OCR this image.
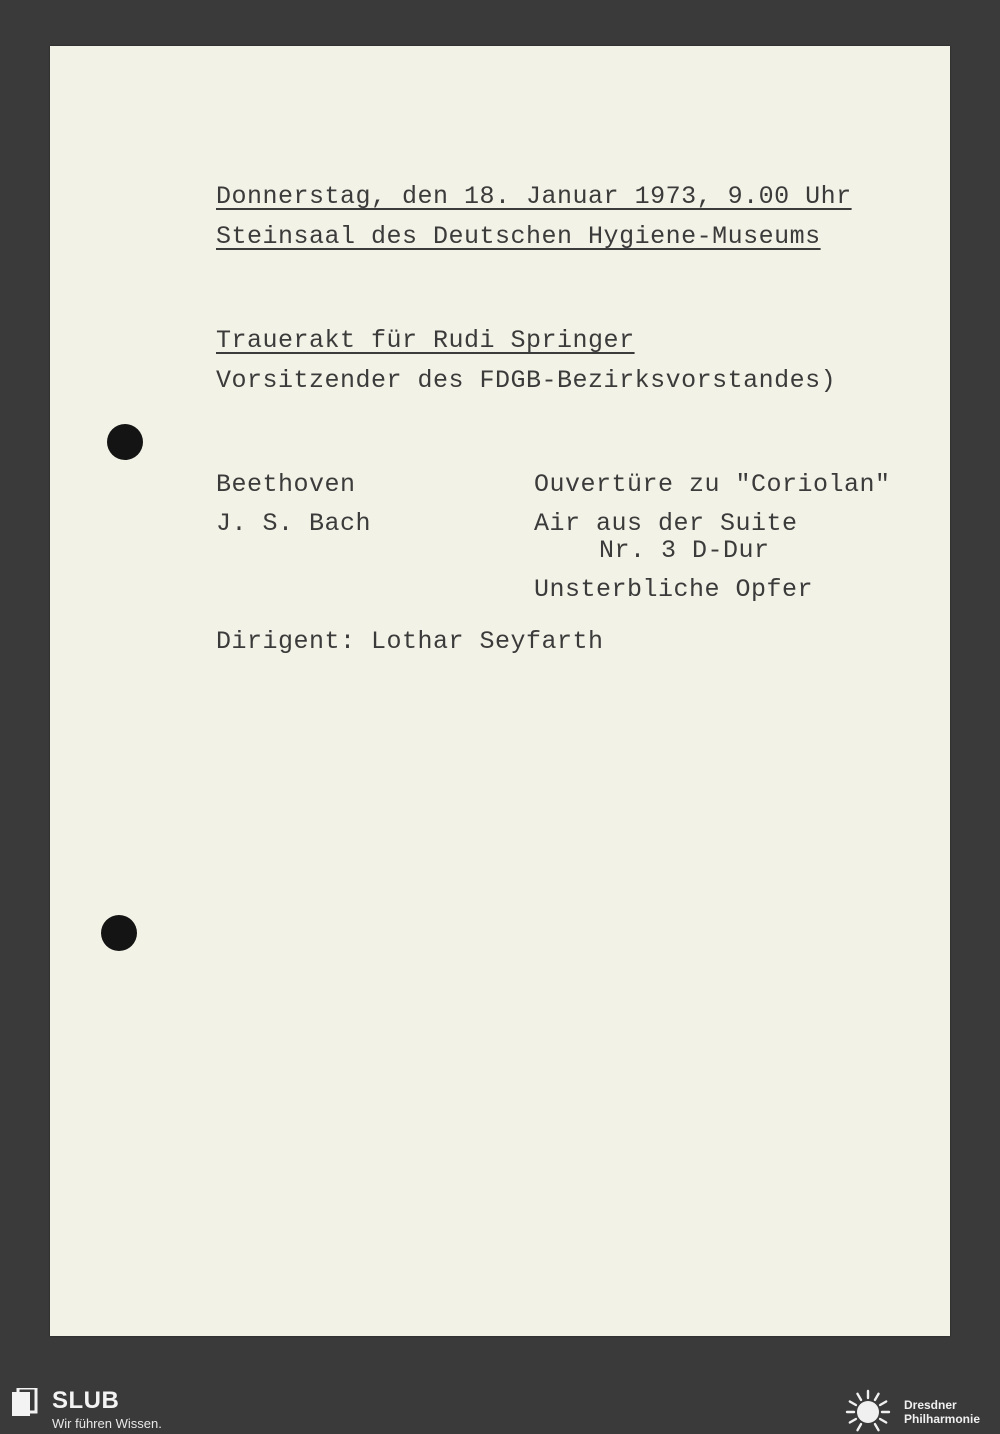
Donnerstag, den 18. Januar 1973, 9.00 Uhr

Steinsaal des Deutschen Hygiene-Museums

Trauerakt für Rudi Springer

Vorsitzender des FDGB-Bezirksvorstandes)

Beethoven	Ouvertüre zu "Coriolan"

J. S. Bach	Air aus der Suite

Nr. 3 D-Dur

Unsterbliche Opfer

Dirigent: Lothar Seyfarth

SLUB
Wir führen Wissen.
Dresdner
Philharmonie
